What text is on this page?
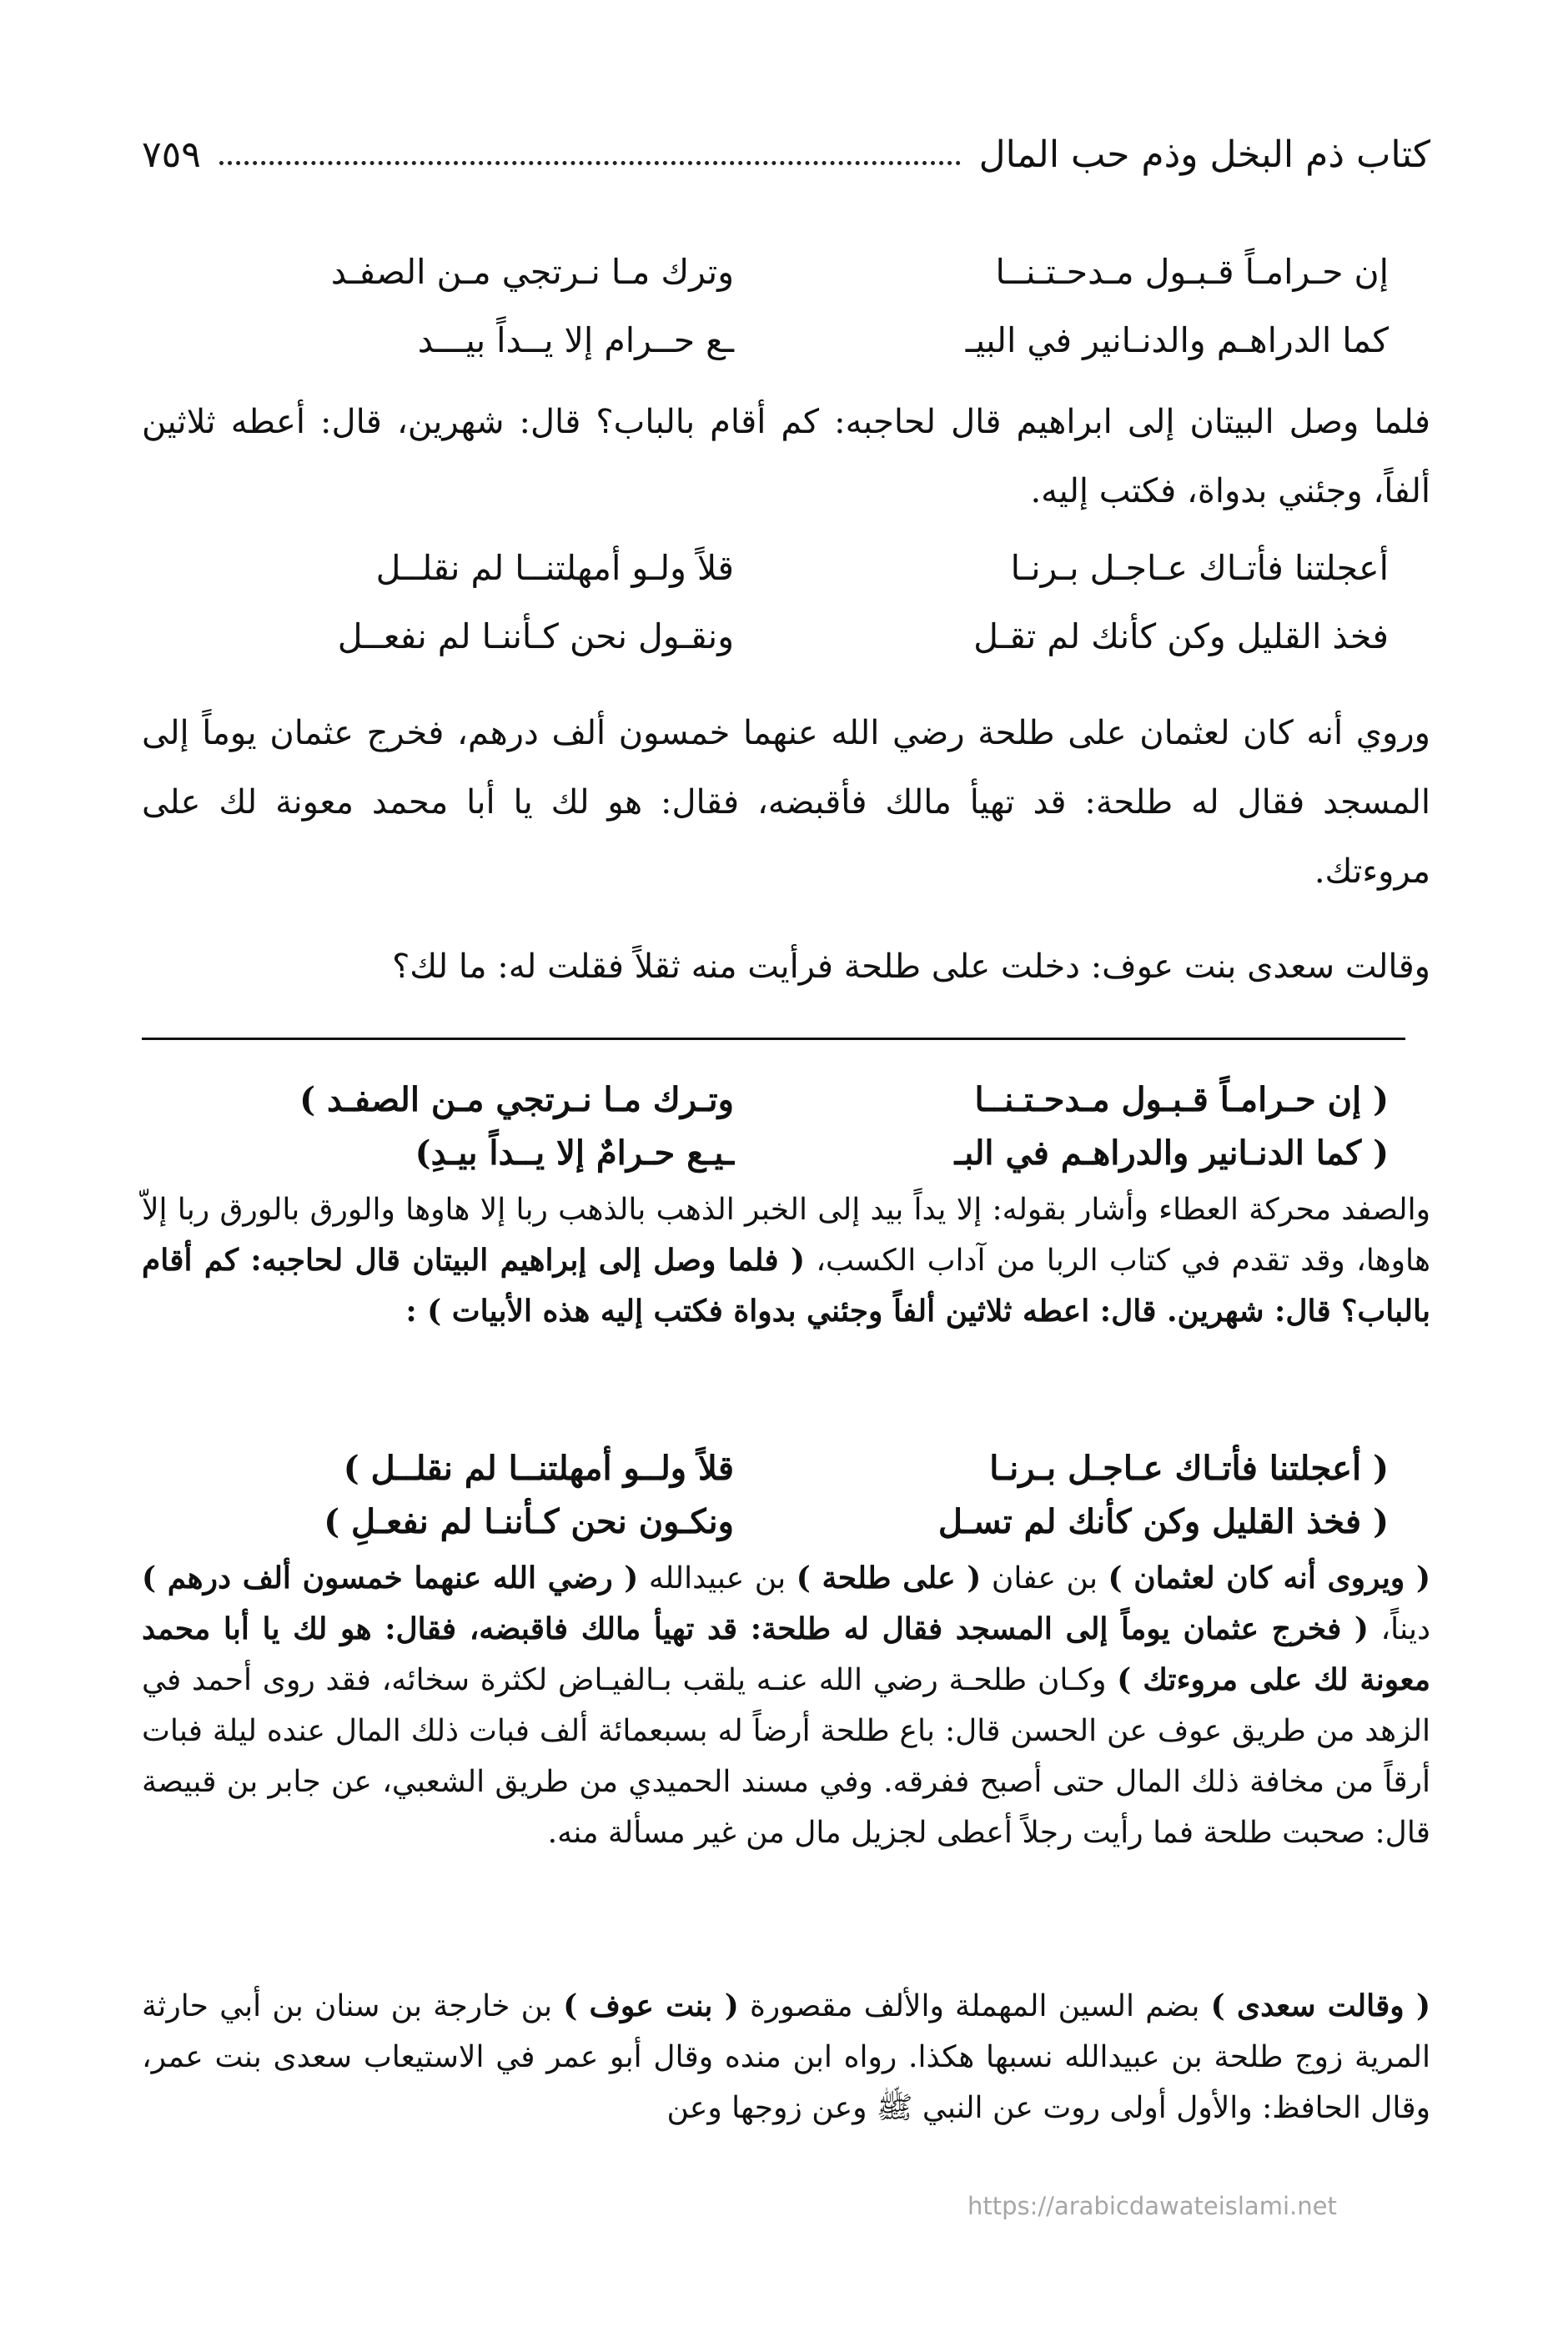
كتاب ذم البخل وذم حب المال
٧٥٩
إن حـرامـاً قـبـول مـدحـتـنــا
وترك مـا نـرتجي مـن الصفـد
كما الدراهـم والدنـانير في البيـ
ـع حــرام إلا يــداً بيـــد

فلما وصل البيتان إلى ابراهيم قال لحاجبه: كم أقام بالباب؟ قال: شهرين، قال: أعطه ثلاثين ألفاً، وجئني بدواة، فكتب إليه.

أعجلتنا فأتـاك عـاجـل بـرنـا
قلاً ولـو أمهلتنــا لم نقلــل
فخذ القليل وكن كأنك لم تقـل
ونقـول نحن كـأننـا لم نفعــل

وروي أنه كان لعثمان على طلحة رضي الله عنهما خمسون ألف درهم، فخرج عثمان يوماً إلى المسجد فقال له طلحة: قد تهيأ مالك فأقبضه، فقال: هو لك يا أبا محمد معونة لك على مروءتك.

وقالت سعدى بنت عوف: دخلت على طلحة فرأيت منه ثقلاً فقلت له: ما لك؟

( إن حـرامـاً قـبـول مـدحـتـنــا
وتـرك مـا نـرتجي مـن الصفـد )
( كما الدنـانير والدراهـم في البـ
ـيـع حـرامٌ إلا يــداً بيـدِ)

والصفد محركة العطاء وأشار بقوله: إلا يداً بيد إلى الخبر الذهب بالذهب ربا إلا هاوها والورق بالورق ربا إلاّ هاوها، وقد تقدم في كتاب الربا من آداب الكسب، ( فلما وصل إلى إبراهيم البيتان قال لحاجبه: كم أقام بالباب؟ قال: شهرين. قال: اعطه ثلاثين ألفاً وجئني بدواة فكتب إليه هذه الأبيات ) :

( أعجلتنا فأتـاك عـاجـل بـرنـا
قلاً ولــو أمهلتنــا لم نقلــل )
( فخذ القليل وكن كأنك لم تسـل
ونكـون نحن كـأننـا لم نفعـلِ )

( ويروى أنه كان لعثمان ) بن عفان ( على طلحة ) بن عبيدالله ( رضي الله عنهما خمسون ألف درهم ) ديناً، ( فخرج عثمان يوماً إلى المسجد فقال له طلحة: قد تهيأ مالك فاقبضه، فقال: هو لك يا أبا محمد معونة لك على مروءتك ) وكـان طلحـة رضي الله عنـه يلقب بـالفيـاض لكثرة سخائه، فقد روى أحمد في الزهد من طريق عوف عن الحسن قال: باع طلحة أرضاً له بسبعمائة ألف فبات ذلك المال عنده ليلة فبات أرقاً من مخافة ذلك المال حتى أصبح ففرقه. وفي مسند الحميدي من طريق الشعبي، عن جابر بن قبيصة قال: صحبت طلحة فما رأيت رجلاً أعطى لجزيل مال من غير مسألة منه.

( وقالت سعدى ) بضم السين المهملة والألف مقصورة ( بنت عوف ) بن خارجة بن سنان بن أبي حارثة المرية زوج طلحة بن عبيدالله نسبها هكذا. رواه ابن منده وقال أبو عمر في الاستيعاب سعدى بنت عمر، وقال الحافظ: والأول أولى روت عن النبي ﷺ وعن زوجها وعن

https://arabicdawateislami.net
